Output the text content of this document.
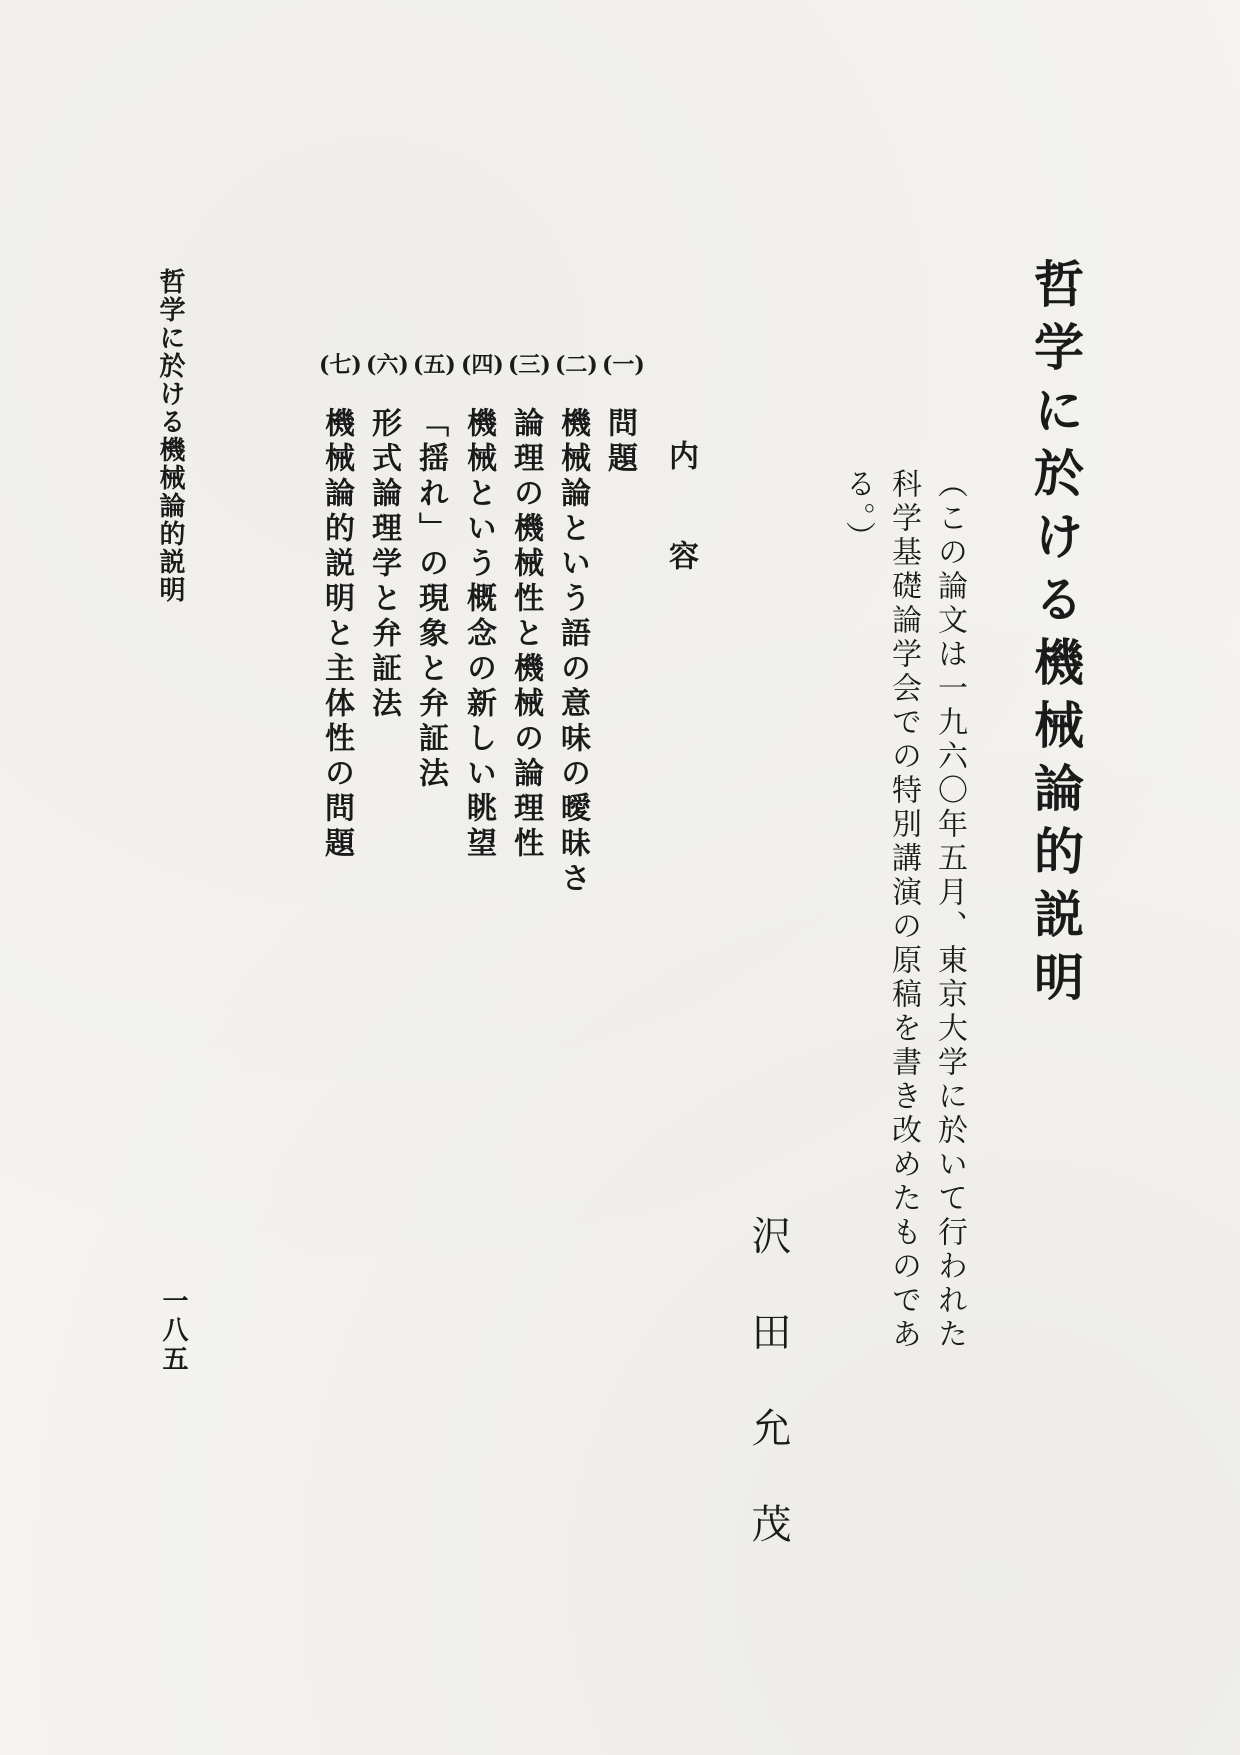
哲学に於ける機械論的説明
（この論文は一九六〇年五月、東京大学に於いて行われた科学基礎論学会での特別講演の原稿を書き改めたものである。）
沢田允茂
内容
(一)
問題
(二)
機械論という語の意味の曖昧さ
(三)
論理の機械性と機械の論理性
(四)
機械という概念の新しい眺望
(五)
「揺れ」の現象と弁証法
(六)
形式論理学と弁証法
(七)
機械論的説明と主体性の問題
哲学に於ける機械論的説明
一八五
